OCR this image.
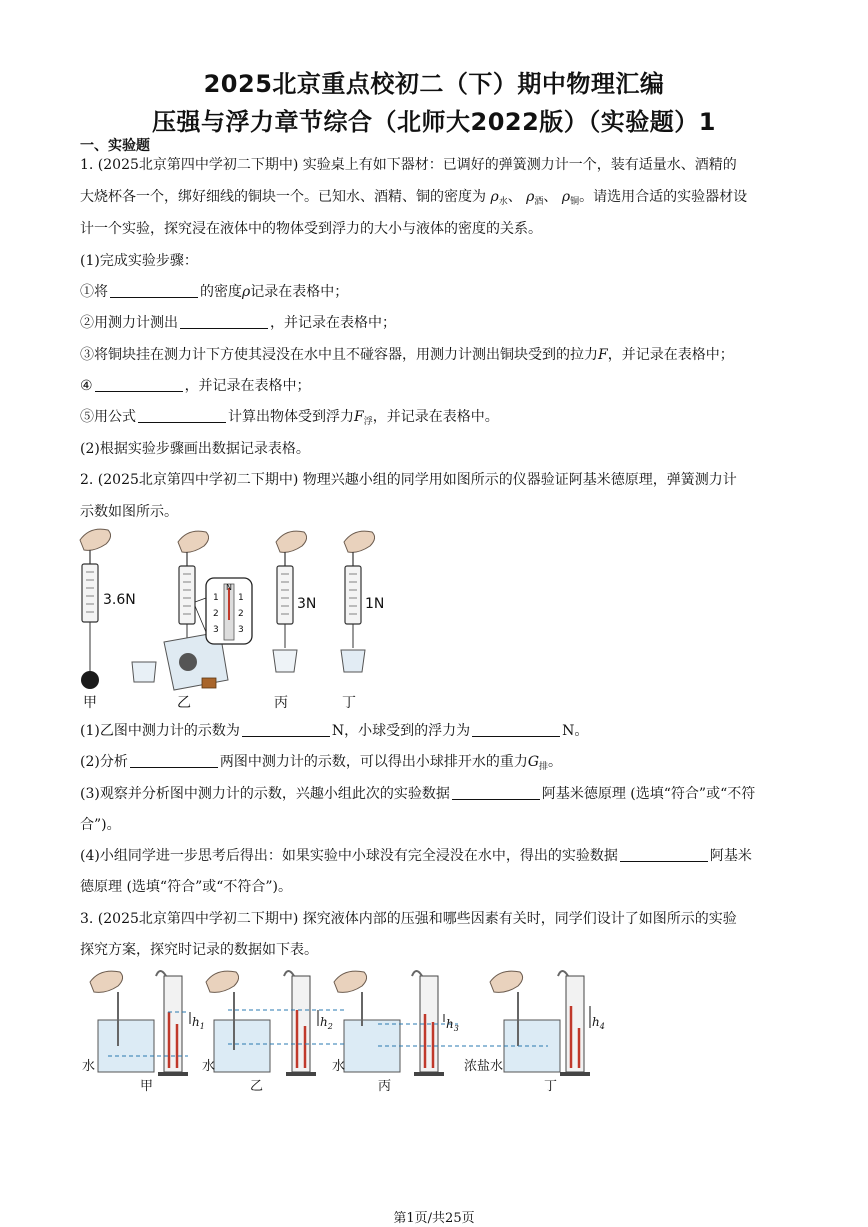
2025北京重点校初二（下）期中物理汇编
压强与浮力章节综合（北师大2022版）（实验题）1
一、实验题
1. (2025北京第四中学初二下期中) 实验桌上有如下器材：已调好的弹簧测力计一个，装有适量水、酒精的
大烧杯各一个，绑好细线的铜块一个。已知水、酒精、铜的密度为 $\rho_水$、 $\rho_酒$、 $\rho_铜$。请选用合适的实验器材设
计一个实验，探究浸在液体中的物体受到浮力的大小与液体的密度的关系。
(1)完成实验步骤：
①将	的密度ρ记录在表格中；
②用测力计测出	，并记录在表格中；
③将铜块挂在测力计下方使其浸没在水中且不碰容器，用测力计测出铜块受到的拉力F，并记录在表格中；
④	，并记录在表格中；
⑤用公式	计算出物体受到浮力$F_浮$，并记录在表格中。
(2)根据实验步骤画出数据记录表格。
2. (2025北京第四中学初二下期中) 物理兴趣小组的同学用如图所示的仪器验证阿基米德原理，弹簧测力计
示数如图所示。
1
2
3
1
2
3
N
3.6N	3N	1N
甲	乙	丙	丁
(1)乙图中测力计的示数为	N，小球受到的浮力为	N。
(2)分析	两图中测力计的示数，可以得出小球排开水的重力$G_排$。
(3)观察并分析图中测力计的示数，兴趣小组此次的实验数据	阿基米德原理 (选填“符合”或“不符
合”)。
(4)小组同学进一步思考后得出：如果实验中小球没有完全浸没在水中，得出的实验数据	阿基米
德原理 (选填“符合”或“不符合”)。
3. (2025北京第四中学初二下期中) 探究液体内部的压强和哪些因素有关时，同学们设计了如图所示的实验
探究方案，探究时记录的数据如下表。
$h_1$	$h_2$	$h_3$	$h_4$
水	水	水	浓盐水
甲	乙	丙	丁
第1页/共25页
